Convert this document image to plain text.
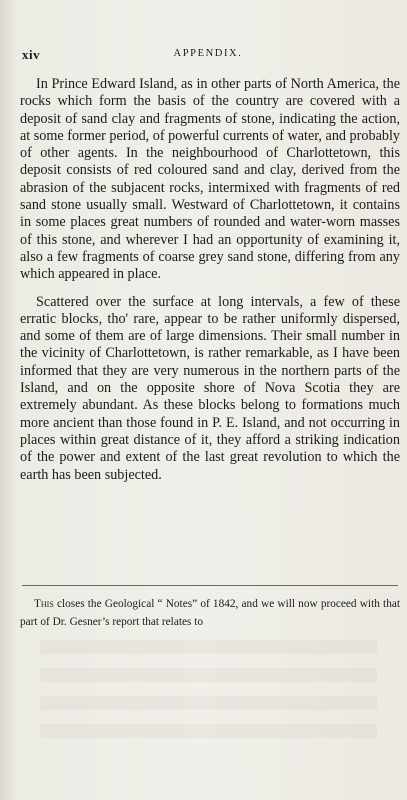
xiv	APPENDIX.

In Prince Edward Island, as in other parts of North America, the rocks which form the basis of the country are covered with a deposit of sand clay and fragments of stone, indicating the action, at some former period, of powerful currents of water, and probably of other agents. In the neighbourhood of Charlottetown, this deposit consists of red coloured sand and clay, derived from the abrasion of the subjacent rocks, intermixed with fragments of red sand stone usually small. Westward of Charlottetown, it contains in some places great numbers of rounded and water-worn masses of this stone, and wherever I had an opportunity of examining it, also a few fragments of coarse grey sand stone, differing from any which appeared in place.

Scattered over the surface at long intervals, a few of these erratic blocks, tho' rare, appear to be rather uniformly dispersed, and some of them are of large dimensions. Their small number in the vicinity of Charlottetown, is rather remarkable, as I have been informed that they are very numerous in the northern parts of the Island, and on the opposite shore of Nova Scotia they are extremely abundant. As these blocks belong to formations much more ancient than those found in P. E. Island, and not occurring in places within great distance of it, they afford a striking indication of the power and extent of the last great revolution to which the earth has been subjected.

This closes the Geological “ Notes” of 1842, and we will now proceed with that part of Dr. Gesner’s report that relates to
